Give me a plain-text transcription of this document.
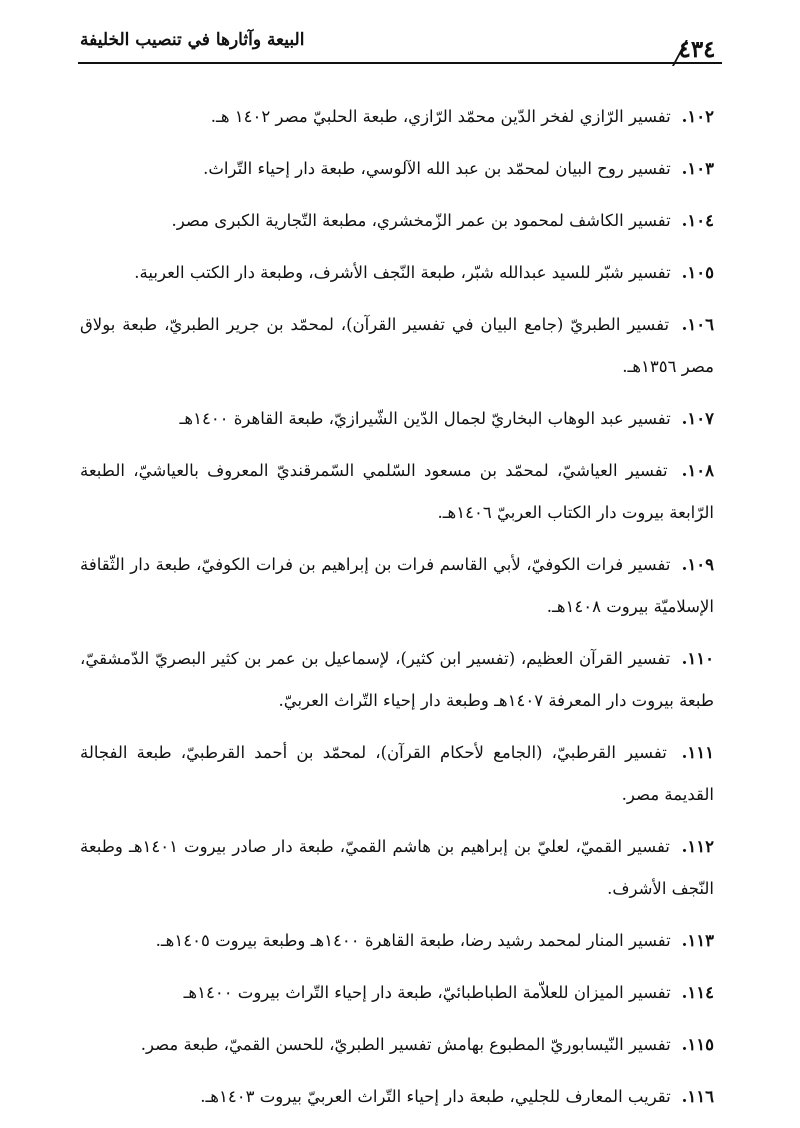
البيعة وآثارها في تنصيب الخليفة	٤٣٤
١٠٢. تفسير الرّازي لفخر الدّين محمّد الرّازي، طبعة الحلبيّ مصر ١٤٠٢ هـ.
١٠٣. تفسير روح البيان لمحمّد بن عبد الله الآلوسي، طبعة دار إحياء التّراث.
١٠٤. تفسير الكاشف لمحمود بن عمر الزّمخشري، مطبعة التّجارية الكبرى مصر.
١٠٥. تفسير شبّر للسيد عبدالله شبّر، طبعة النّجف الأشرف، وطبعة دار الكتب العربية.
١٠٦. تفسير الطبريّ (جامع البيان في تفسير القرآن)، لمحمّد بن جرير الطبريّ، طبعة بولاق مصر ١٣٥٦هـ.
١٠٧. تفسير عبد الوهاب البخاريّ لجمال الدّين الشّيرازيّ، طبعة القاهرة ١٤٠٠هـ
١٠٨. تفسير العياشيّ، لمحمّد بن مسعود السّلمي السّمرقنديّ المعروف بالعياشيّ، الطبعة الرّابعة بيروت دار الكتاب العربيّ ١٤٠٦هـ.
١٠٩. تفسير فرات الكوفيّ، لأبي القاسم فرات بن إبراهيم بن فرات الكوفيّ، طبعة دار الثّقافة الإسلاميّة بيروت ١٤٠٨هـ.
١١٠. تفسير القرآن العظيم، (تفسير ابن كثير)، لإسماعيل بن عمر بن كثير البصريّ الدّمشقيّ، طبعة بيروت دار المعرفة ١٤٠٧هـ وطبعة دار إحياء التّراث العربيّ.
١١١. تفسير القرطبيّ، (الجامع لأحكام القرآن)، لمحمّد بن أحمد القرطبيّ، طبعة الفجالة القديمة مصر.
١١٢. تفسير القميّ، لعليّ بن إبراهيم بن هاشم القميّ، طبعة دار صادر بيروت ١٤٠١هـ وطبعة النّجف الأشرف.
١١٣. تفسير المنار لمحمد رشيد رضا، طبعة القاهرة ١٤٠٠هـ وطبعة بيروت ١٤٠٥هـ.
١١٤. تفسير الميزان للعلاّمة الطباطبائيّ، طبعة دار إحياء التّراث بيروت ١٤٠٠هـ
١١٥. تفسير النّيسابوريّ المطبوع بهامش تفسير الطبريّ، للحسن القميّ، طبعة مصر.
١١٦. تقريب المعارف للجليي، طبعة دار إحياء التّراث العربيّ بيروت ١٤٠٣هـ.
